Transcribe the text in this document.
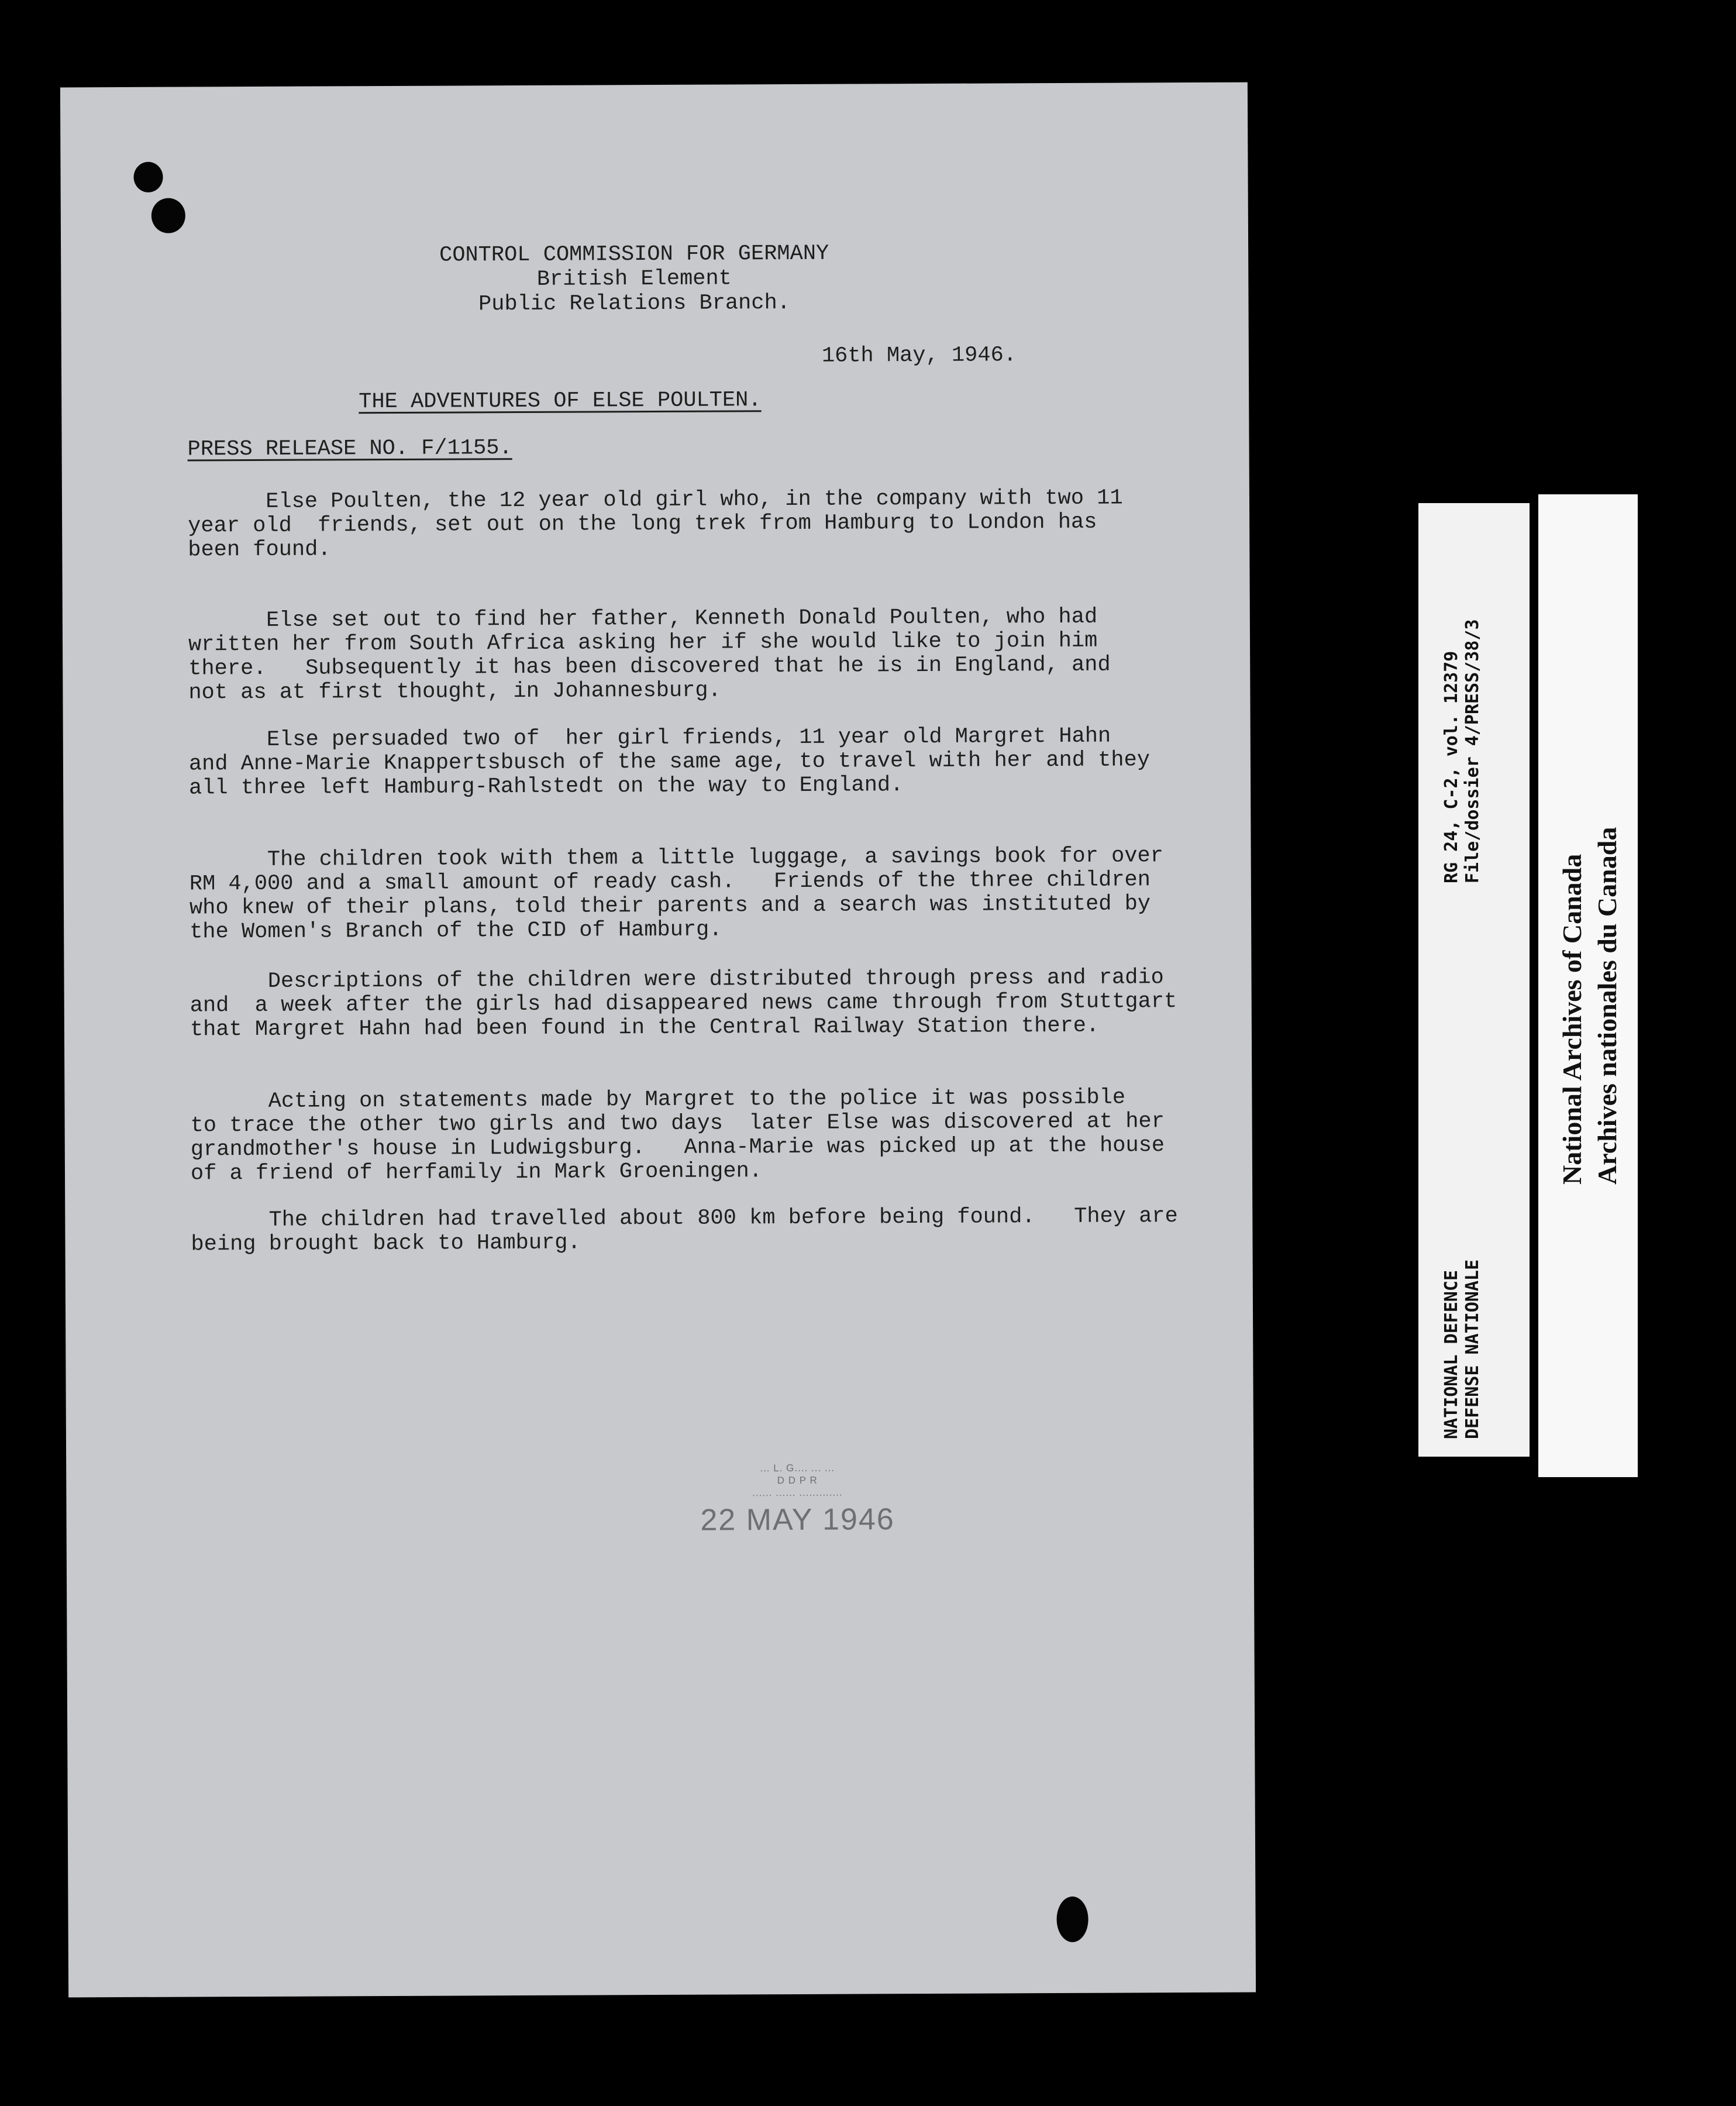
CONTROL COMMISSION FOR GERMANY
British Element
Public Relations Branch.
16th May, 1946.
THE ADVENTURES OF ELSE POULTEN.
PRESS RELEASE NO. F/1155.
Else Poulten, the 12 year old girl who, in the company with two 11
year old  friends, set out on the long trek from Hamburg to London has
been found.
Else set out to find her father, Kenneth Donald Poulten, who had
written her from South Africa asking her if she would like to join him
there.   Subsequently it has been discovered that he is in England, and
not as at first thought, in Johannesburg.
Else persuaded two of  her girl friends, 11 year old Margret Hahn
and Anne-Marie Knappertsbusch of the same age, to travel with her and they
all three left Hamburg-Rahlstedt on the way to England.
The children took with them a little luggage, a savings book for over
RM 4,000 and a small amount of ready cash.   Friends of the three children
who knew of their plans, told their parents and a search was instituted by
the Women's Branch of the CID of Hamburg.
Descriptions of the children were distributed through press and radio
and  a week after the girls had disappeared news came through from Stuttgart
that Margret Hahn had been found in the Central Railway Station there.
Acting on statements made by Margret to the police it was possible
to trace the other two girls and two days  later Else was discovered at her
grandmother's house in Ludwigsburg.   Anna-Marie was picked up at the house
of a friend of herfamily in Mark Groeningen.
The children had travelled about 800 km before being found.   They are
being brought back to Hamburg.
... L. G.... ... ...
D D P R
...... ...... .............
22 MAY 1946
RG 24, C-2, vol. 12379 File/dossier 4/PRESS/38/3
NATIONAL DEFENCE DEFENSE NATIONALE
National Archives of Canada Archives nationales du Canada
